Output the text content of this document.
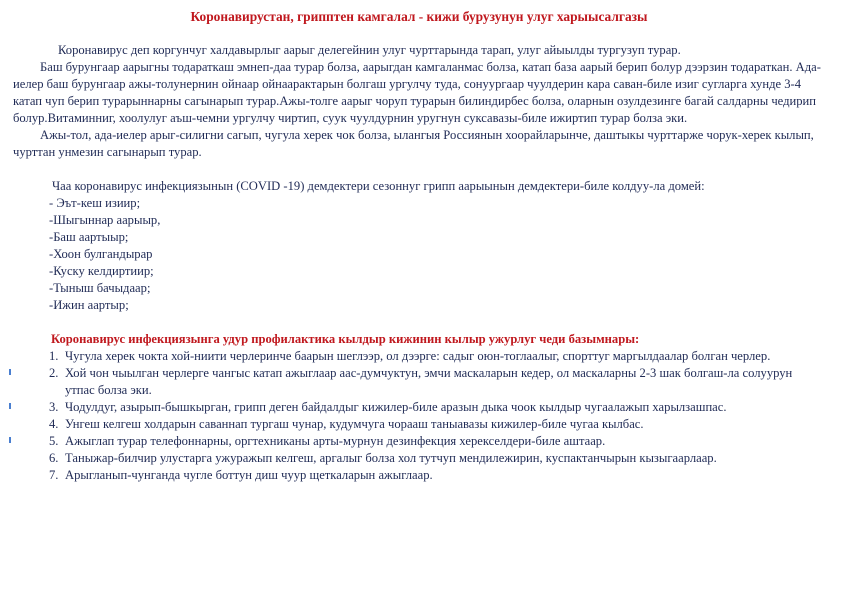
Коронавирустан, грипптен камгалал - кижи бурузунун улуг харыысалгазы

Коронавирус деп коргунчуг халдавырлыг аарыг делегейнин улуг чурттарында тарап, улуг айыылды тургузуп турар.

Баш бурунгаар аарыгны тодараткаш эмнеп-даа турар болза, аарыгдан камгаланмас болза, катап база аарый берип болур дээрзин тодараткан. Ада-иелер баш бурунгаар ажы-толунернин ойнаар ойнаарактарын болгаш ургулчу туда, сонуургаар чуулдерин кара саван-биле изиг сугларга хунде 3-4 катап чуп берип турарыннарны сагынарып турар.Ажы-толге аарыг чоруп турарын билиндирбес болза, оларнын озулдезинге багай салдарны чедирип болур.Витаминниг, хоолулуг аъш-чемни ургулчу чиртип, суук чуулдурнин уругнун суксавазы-биле ижиртип турар болза эки.

Ажы-тол, ада-иелер арыг-силигни сагып, чугула херек чок болза, ылангыя Россиянын хоорайларынче, даштыкы чурттарже чорук-херек кылып, чурттан унмезин сагынарып турар.

Чаа коронавирус инфекциязынын (COVID -19) демдектери сезоннуг грипп аарыынын демдектери-биле колдуу-ла домей:

- Эът-кеш изиир;
-Шыгыннар аарыыр,
-Баш аартыыр;
-Хоон булгандырар
-Куску келдиртиир;
-Тыныш бачыдаар;
-Ижин аартыр;

Коронавирус инфекциязынга удур профилактика кылдыр кижинин кылыр ужурлуг чеди базымнары:

1. Чугула херек чокта хой-ниити черлеринче баарын шеглээр, ол дээрге: садыг оюн-тоглаалыг, спорттуг маргылдаалар болган черлер.
2. Хой чон чыылган черлерге чангыс катап ажыглаар аас-думчуктун, эмчи маскаларын кедер, ол маскаларны 2-3 шак болгаш-ла солуурун утпас болза эки.
3. Чодулдуг, азырып-бышкырган, грипп деген байдалдыг кижилер-биле аразын дыка чоок кылдыр чугаалажып харылзашпас.
4. Унгеш келгеш холдарын саваннап тургаш чунар, кудумчуга чорааш таныавазы кижилер-биле чугаа кылбас.
5. Ажыглап турар телефоннарны, оргтехниканы арты-мурнун дезинфекция херекселдери-биле аштаар.
6. Таныжар-билчир улустарга ужуражып келгеш, аргалыг болза хол тутчуп мендилежирин, куспактанчырын кызыгаарлаар.
7. Арыгланып-чунганда чугле боттун диш чуур щеткаларын ажыглаар.
